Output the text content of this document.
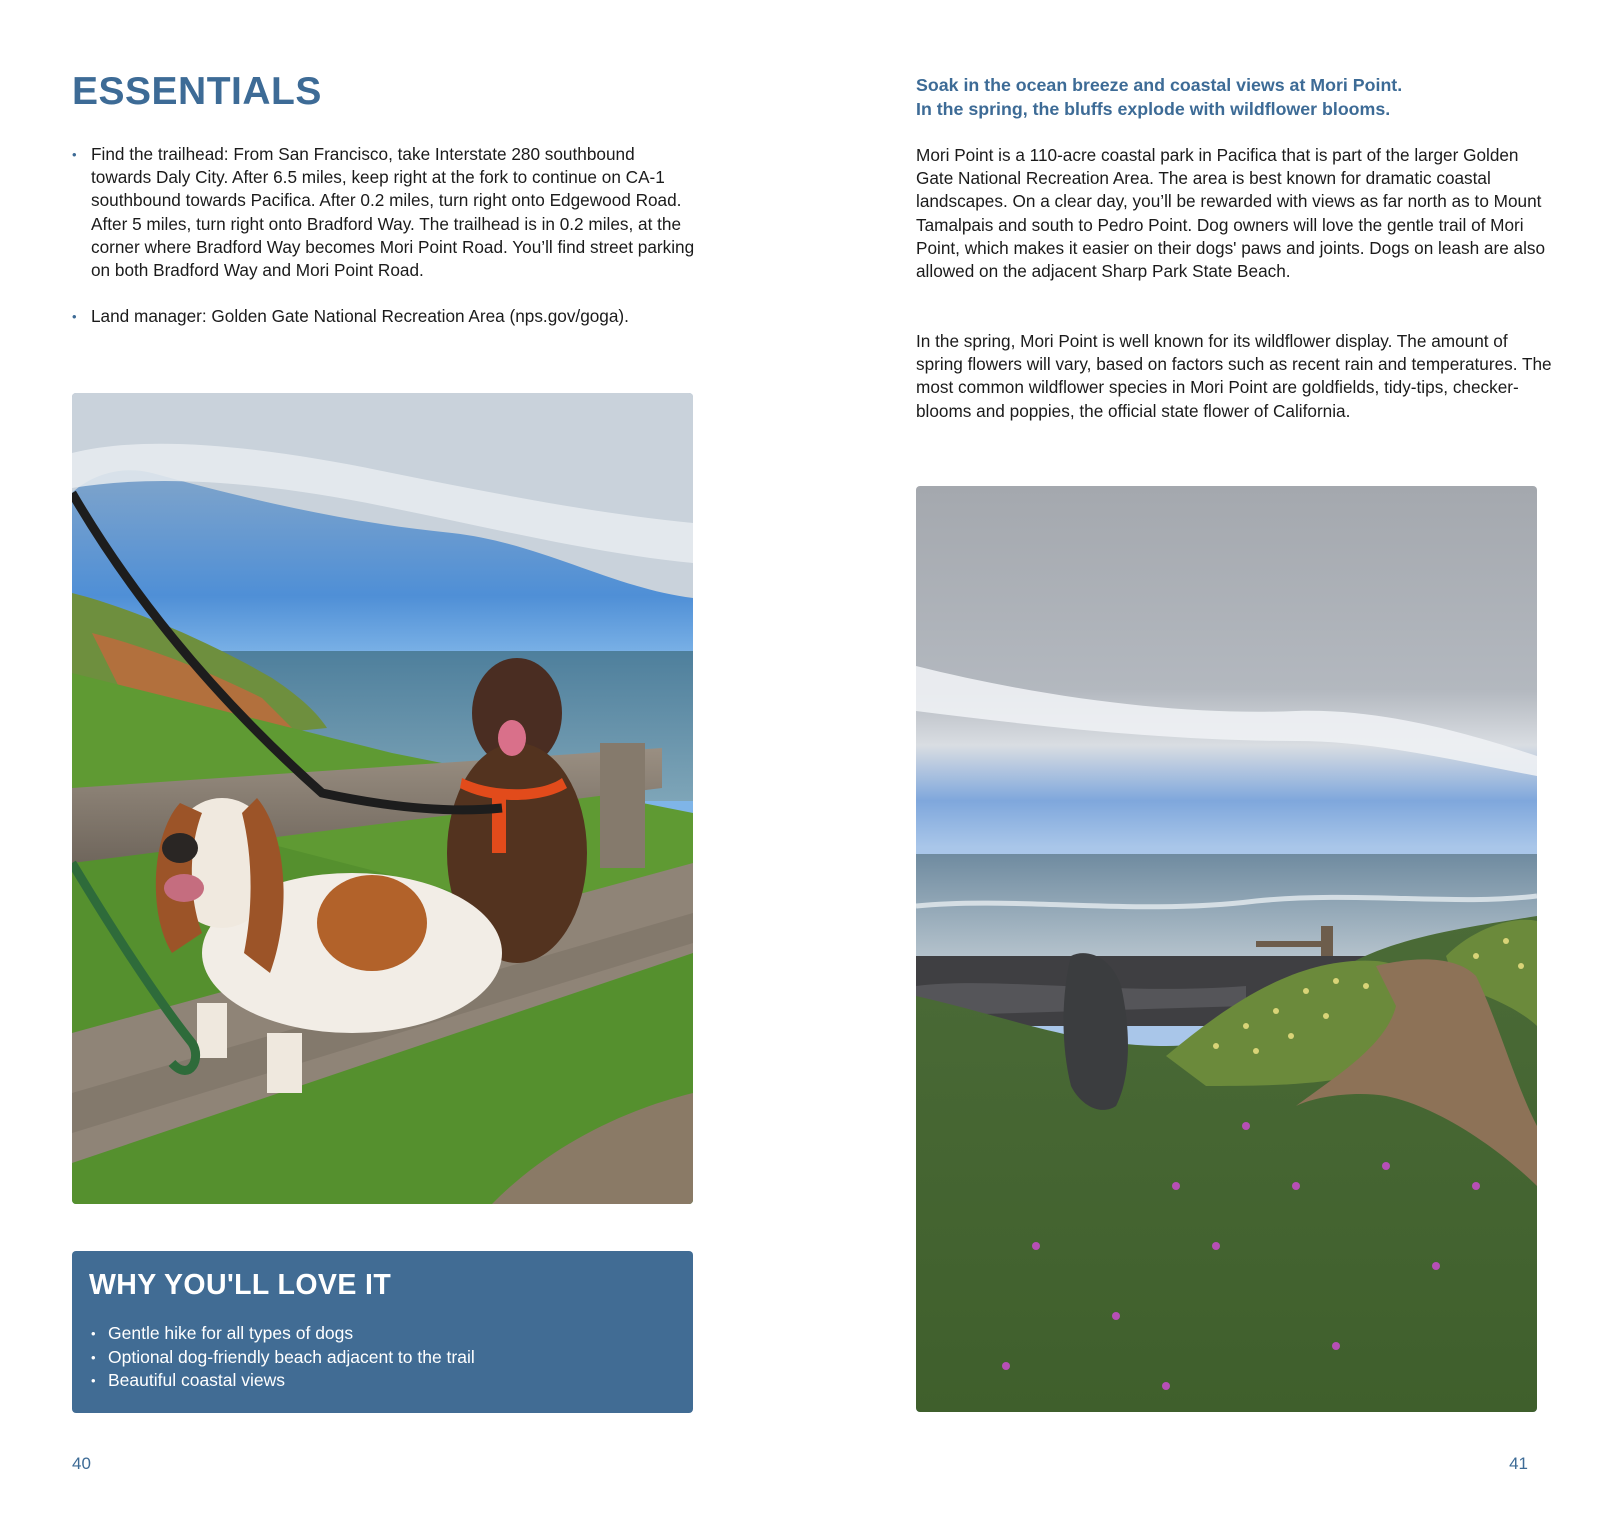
ESSENTIALS
• Find the trailhead: From San Francisco, take Interstate 280 southbound towards Daly City. After 6.5 miles, keep right at the fork to continue on CA-1 southbound towards Pacifica. After 0.2 miles, turn right onto Edgewood Road. After 5 miles, turn right onto Bradford Way. The trailhead is in 0.2 miles, at the corner where Bradford Way becomes Mori Point Road. You’ll find street parking on both Bradford Way and Mori Point Road.
• Land manager: Golden Gate National Recreation Area (nps.gov/goga).
WHY YOU'LL LOVE IT
• Gentle hike for all types of dogs
• Optional dog-friendly beach adjacent to the trail
• Beautiful coastal views
40
Soak in the ocean breeze and coastal views at Mori Point.
In the spring, the bluffs explode with wildflower blooms.

Mori Point is a 110-acre coastal park in Pacifica that is part of the larger Golden Gate National Recreation Area. The area is best known for dramatic coastal landscapes. On a clear day, you’ll be rewarded with views as far north as to Mount Tamalpais and south to Pedro Point. Dog owners will love the gentle trail of Mori Point, which makes it easier on their dogs' paws and joints. Dogs on leash are also allowed on the adjacent Sharp Park State Beach.

In the spring, Mori Point is well known for its wildflower display. The amount of spring flowers will vary, based on factors such as recent rain and temperatures. The most common wildflower species in Mori Point are goldfields, tidy-tips, checker-blooms and poppies, the official state flower of California.

41
